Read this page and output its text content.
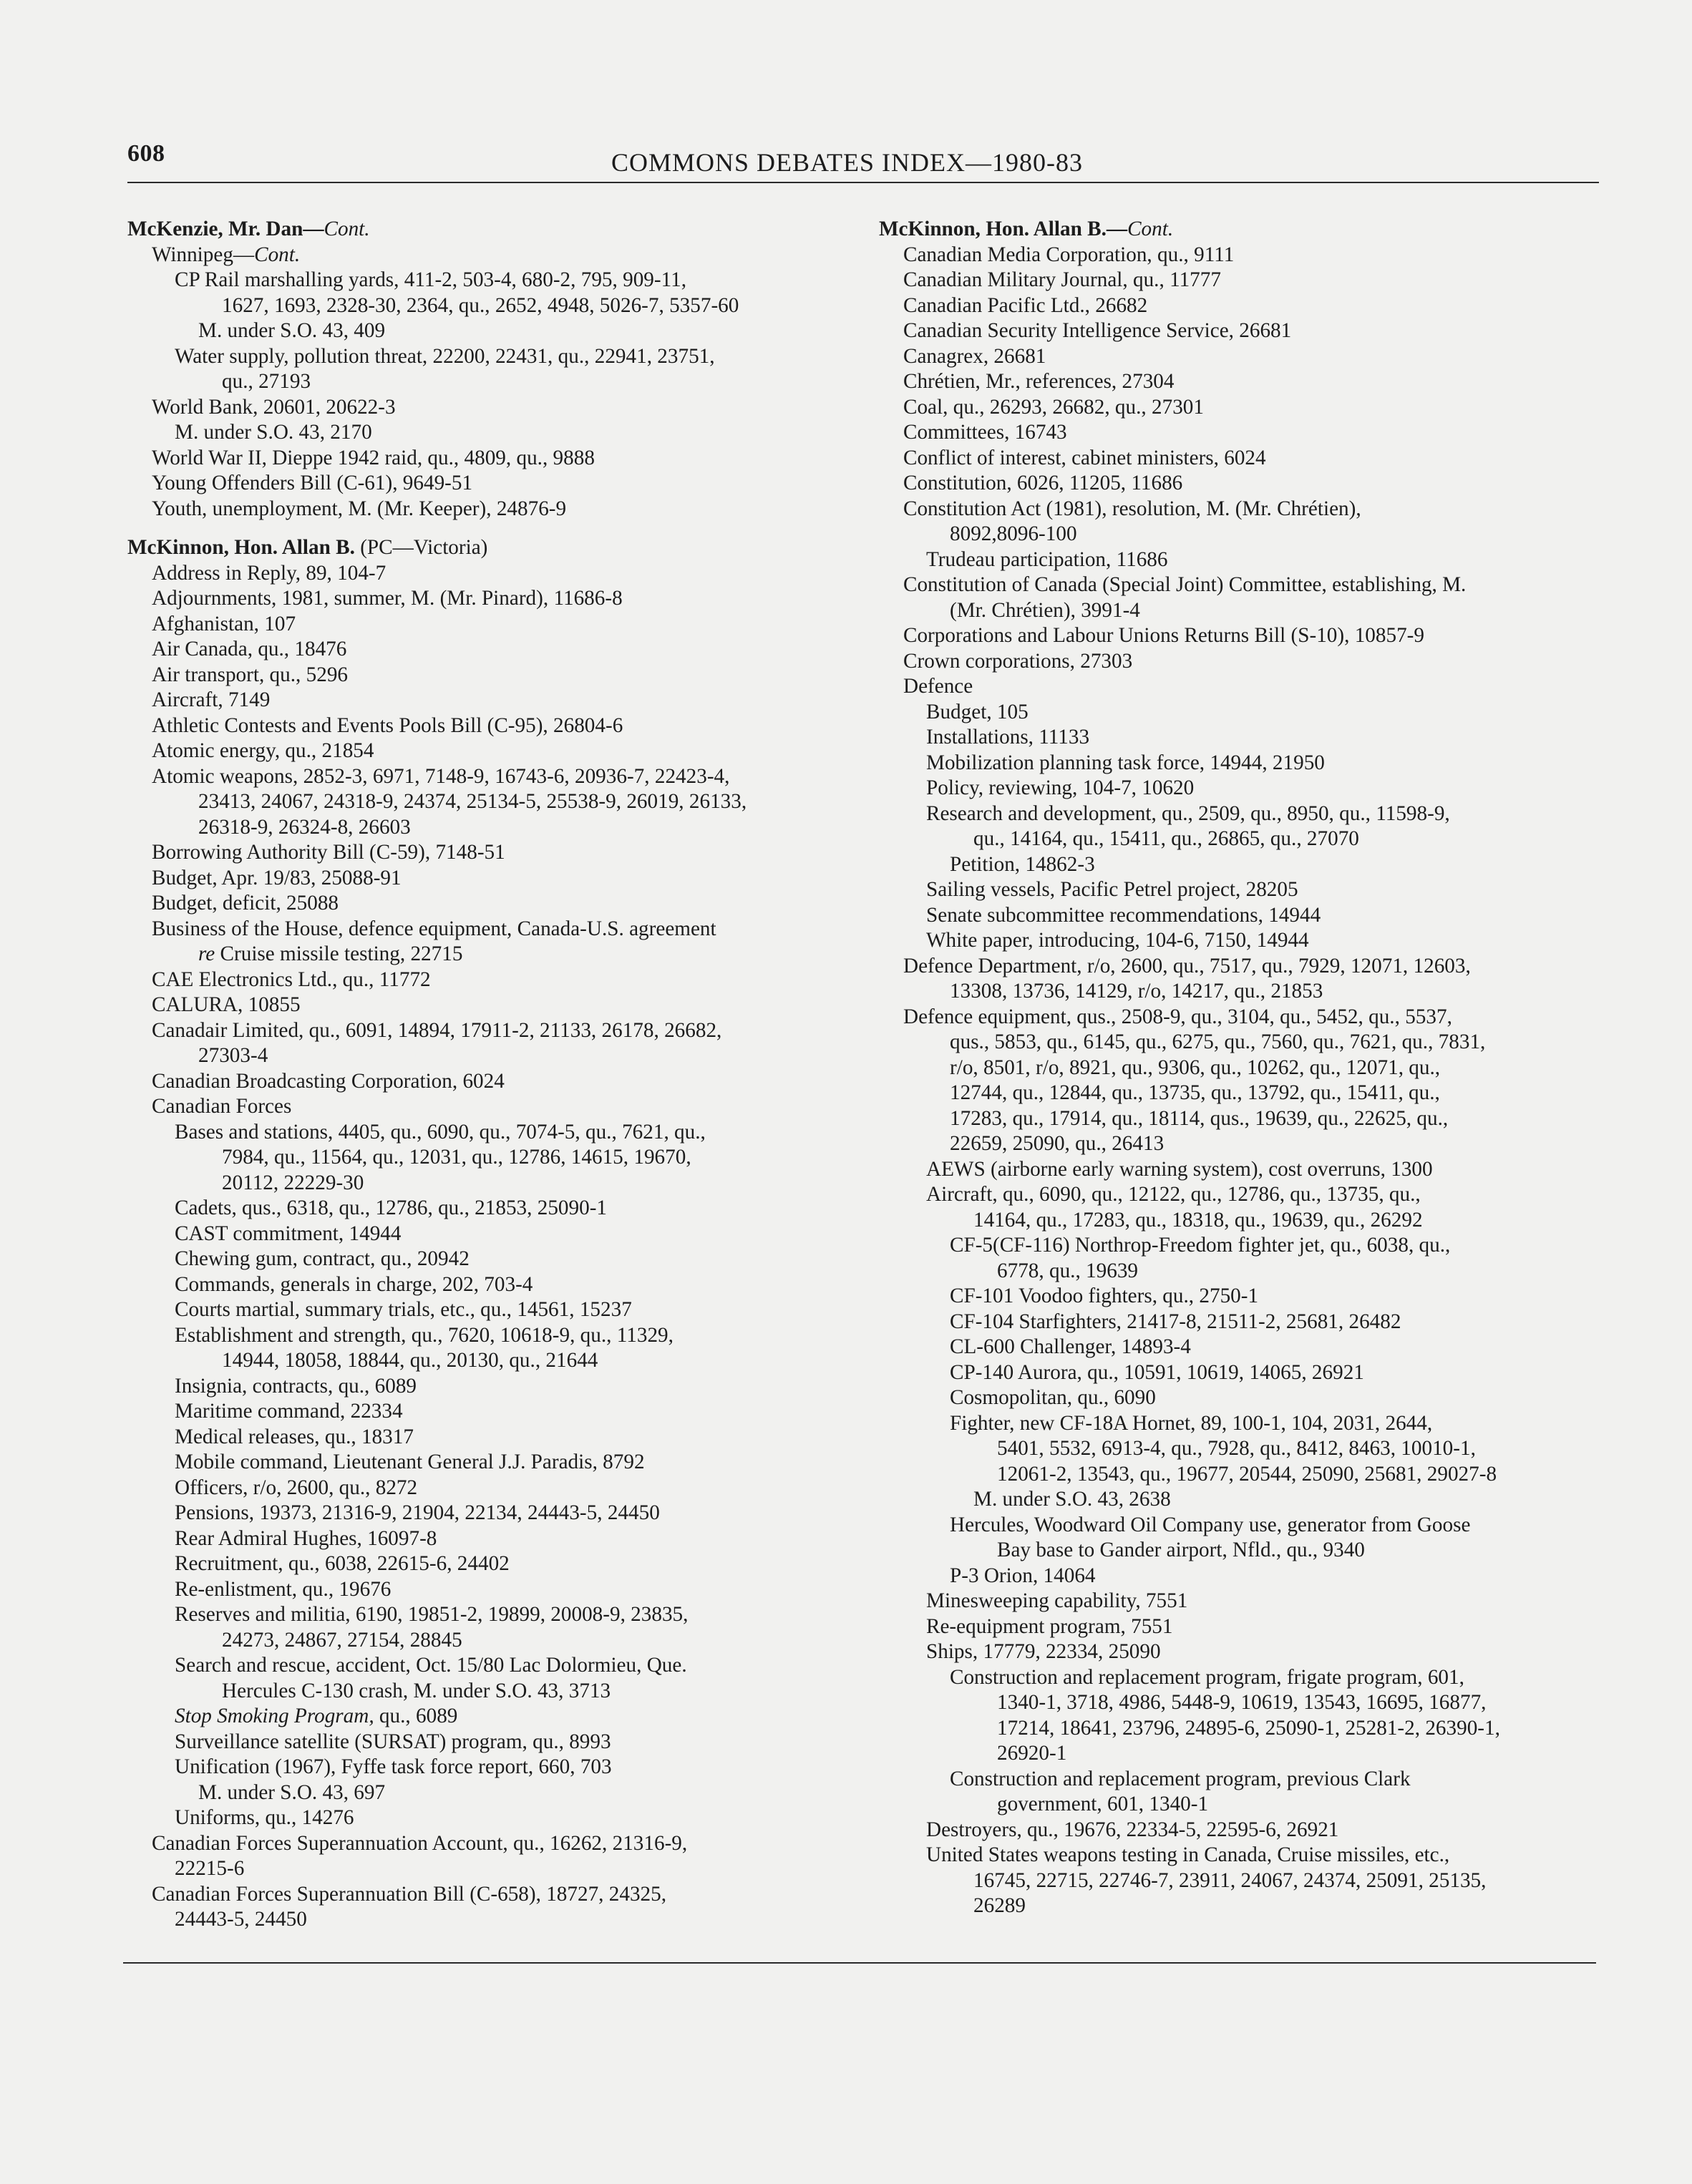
608	COMMONS DEBATES INDEX—1980-83

McKenzie, Mr. Dan—Cont.

Winnipeg—Cont.

CP Rail marshalling yards, 411-2, 503-4, 680-2, 795, 909-11,

1627, 1693, 2328-30, 2364, qu., 2652, 4948, 5026-7, 5357-60

M. under S.O. 43, 409

Water supply, pollution threat, 22200, 22431, qu., 22941, 23751,

qu., 27193

World Bank, 20601, 20622-3

M. under S.O. 43, 2170

World War II, Dieppe 1942 raid, qu., 4809, qu., 9888

Young Offenders Bill (C-61), 9649-51

Youth, unemployment, M. (Mr. Keeper), 24876-9

McKinnon, Hon. Allan B. (PC—Victoria)

Address in Reply, 89, 104-7

Adjournments, 1981, summer, M. (Mr. Pinard), 11686-8

Afghanistan, 107

Air Canada, qu., 18476

Air transport, qu., 5296

Aircraft, 7149

Athletic Contests and Events Pools Bill (C-95), 26804-6

Atomic energy, qu., 21854

Atomic weapons, 2852-3, 6971, 7148-9, 16743-6, 20936-7, 22423-4,

23413, 24067, 24318-9, 24374, 25134-5, 25538-9, 26019, 26133,

26318-9, 26324-8, 26603

Borrowing Authority Bill (C-59), 7148-51

Budget, Apr. 19/83, 25088-91

Budget, deficit, 25088

Business of the House, defence equipment, Canada-U.S. agreement

re Cruise missile testing, 22715

CAE Electronics Ltd., qu., 11772

CALURA, 10855

Canadair Limited, qu., 6091, 14894, 17911-2, 21133, 26178, 26682,

27303-4

Canadian Broadcasting Corporation, 6024

Canadian Forces

Bases and stations, 4405, qu., 6090, qu., 7074-5, qu., 7621, qu.,

7984, qu., 11564, qu., 12031, qu., 12786, 14615, 19670,

20112, 22229-30

Cadets, qus., 6318, qu., 12786, qu., 21853, 25090-1

CAST commitment, 14944

Chewing gum, contract, qu., 20942

Commands, generals in charge, 202, 703-4

Courts martial, summary trials, etc., qu., 14561, 15237

Establishment and strength, qu., 7620, 10618-9, qu., 11329,

14944, 18058, 18844, qu., 20130, qu., 21644

Insignia, contracts, qu., 6089

Maritime command, 22334

Medical releases, qu., 18317

Mobile command, Lieutenant General J.J. Paradis, 8792

Officers, r/o, 2600, qu., 8272

Pensions, 19373, 21316-9, 21904, 22134, 24443-5, 24450

Rear Admiral Hughes, 16097-8

Recruitment, qu., 6038, 22615-6, 24402

Re-enlistment, qu., 19676

Reserves and militia, 6190, 19851-2, 19899, 20008-9, 23835,

24273, 24867, 27154, 28845

Search and rescue, accident, Oct. 15/80 Lac Dolormieu, Que.

Hercules C-130 crash, M. under S.O. 43, 3713

Stop Smoking Program, qu., 6089

Surveillance satellite (SURSAT) program, qu., 8993

Unification (1967), Fyffe task force report, 660, 703

M. under S.O. 43, 697

Uniforms, qu., 14276

Canadian Forces Superannuation Account, qu., 16262, 21316-9,

22215-6

Canadian Forces Superannuation Bill (C-658), 18727, 24325,

24443-5, 24450

McKinnon, Hon. Allan B.—Cont.

Canadian Media Corporation, qu., 9111

Canadian Military Journal, qu., 11777

Canadian Pacific Ltd., 26682

Canadian Security Intelligence Service, 26681

Canagrex, 26681

Chrétien, Mr., references, 27304

Coal, qu., 26293, 26682, qu., 27301

Committees, 16743

Conflict of interest, cabinet ministers, 6024

Constitution, 6026, 11205, 11686

Constitution Act (1981), resolution, M. (Mr. Chrétien),

8092,8096-100

Trudeau participation, 11686

Constitution of Canada (Special Joint) Committee, establishing, M.

(Mr. Chrétien), 3991-4

Corporations and Labour Unions Returns Bill (S-10), 10857-9

Crown corporations, 27303

Defence

Budget, 105

Installations, 11133

Mobilization planning task force, 14944, 21950

Policy, reviewing, 104-7, 10620

Research and development, qu., 2509, qu., 8950, qu., 11598-9,

qu., 14164, qu., 15411, qu., 26865, qu., 27070

Petition, 14862-3

Sailing vessels, Pacific Petrel project, 28205

Senate subcommittee recommendations, 14944

White paper, introducing, 104-6, 7150, 14944

Defence Department, r/o, 2600, qu., 7517, qu., 7929, 12071, 12603,

13308, 13736, 14129, r/o, 14217, qu., 21853

Defence equipment, qus., 2508-9, qu., 3104, qu., 5452, qu., 5537,

qus., 5853, qu., 6145, qu., 6275, qu., 7560, qu., 7621, qu., 7831,

r/o, 8501, r/o, 8921, qu., 9306, qu., 10262, qu., 12071, qu.,

12744, qu., 12844, qu., 13735, qu., 13792, qu., 15411, qu.,

17283, qu., 17914, qu., 18114, qus., 19639, qu., 22625, qu.,

22659, 25090, qu., 26413

AEWS (airborne early warning system), cost overruns, 1300

Aircraft, qu., 6090, qu., 12122, qu., 12786, qu., 13735, qu.,

14164, qu., 17283, qu., 18318, qu., 19639, qu., 26292

CF-5(CF-116) Northrop-Freedom fighter jet, qu., 6038, qu.,

6778, qu., 19639

CF-101 Voodoo fighters, qu., 2750-1

CF-104 Starfighters, 21417-8, 21511-2, 25681, 26482

CL-600 Challenger, 14893-4

CP-140 Aurora, qu., 10591, 10619, 14065, 26921

Cosmopolitan, qu., 6090

Fighter, new CF-18A Hornet, 89, 100-1, 104, 2031, 2644,

5401, 5532, 6913-4, qu., 7928, qu., 8412, 8463, 10010-1,

12061-2, 13543, qu., 19677, 20544, 25090, 25681, 29027-8

M. under S.O. 43, 2638

Hercules, Woodward Oil Company use, generator from Goose

Bay base to Gander airport, Nfld., qu., 9340

P-3 Orion, 14064

Minesweeping capability, 7551

Re-equipment program, 7551

Ships, 17779, 22334, 25090

Construction and replacement program, frigate program, 601,

1340-1, 3718, 4986, 5448-9, 10619, 13543, 16695, 16877,

17214, 18641, 23796, 24895-6, 25090-1, 25281-2, 26390-1,

26920-1

Construction and replacement program, previous Clark

government, 601, 1340-1

Destroyers, qu., 19676, 22334-5, 22595-6, 26921

United States weapons testing in Canada, Cruise missiles, etc.,

16745, 22715, 22746-7, 23911, 24067, 24374, 25091, 25135,

26289
